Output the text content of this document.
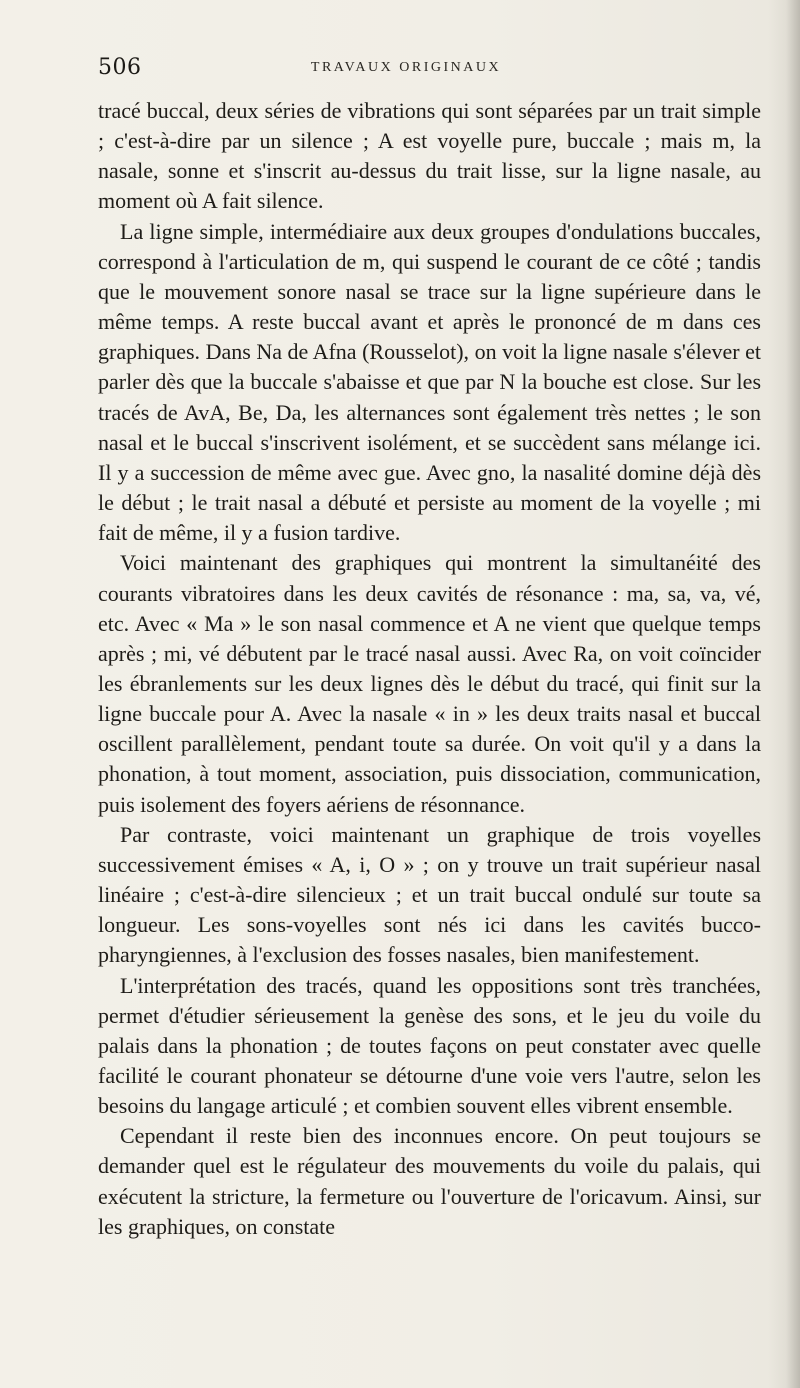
506	TRAVAUX ORIGINAUX

tracé buccal, deux séries de vibrations qui sont séparées par un trait simple ; c'est-à-dire par un silence ; A est voyelle pure, buccale ; mais m, la nasale, sonne et s'inscrit au-dessus du trait lisse, sur la ligne nasale, au moment où A fait silence.

La ligne simple, intermédiaire aux deux groupes d'ondulations buccales, correspond à l'articulation de m, qui suspend le courant de ce côté ; tandis que le mouvement sonore nasal se trace sur la ligne supérieure dans le même temps. A reste buccal avant et après le prononcé de m dans ces graphiques. Dans Na de Afna (Rousselot), on voit la ligne nasale s'élever et parler dès que la buccale s'abaisse et que par N la bouche est close. Sur les tracés de AvA, Be, Da, les alternances sont également très nettes ; le son nasal et le buccal s'inscrivent isolément, et se succèdent sans mélange ici. Il y a succession de même avec gue. Avec gno, la nasalité domine déjà dès le début ; le trait nasal a débuté et persiste au moment de la voyelle ; mi fait de même, il y a fusion tardive.

Voici maintenant des graphiques qui montrent la simultanéité des courants vibratoires dans les deux cavités de résonance : ma, sa, va, vé, etc. Avec « Ma » le son nasal commence et A ne vient que quelque temps après ; mi, vé débutent par le tracé nasal aussi. Avec Ra, on voit coïncider les ébranlements sur les deux lignes dès le début du tracé, qui finit sur la ligne buccale pour A. Avec la nasale « in » les deux traits nasal et buccal oscillent parallèlement, pendant toute sa durée. On voit qu'il y a dans la phonation, à tout moment, association, puis dissociation, communication, puis isolement des foyers aériens de résonnance.

Par contraste, voici maintenant un graphique de trois voyelles successivement émises « A, i, O » ; on y trouve un trait supérieur nasal linéaire ; c'est-à-dire silencieux ; et un trait buccal ondulé sur toute sa longueur. Les sons-voyelles sont nés ici dans les cavités bucco-pharyngiennes, à l'exclusion des fosses nasales, bien manifestement.

L'interprétation des tracés, quand les oppositions sont très tranchées, permet d'étudier sérieusement la genèse des sons, et le jeu du voile du palais dans la phonation ; de toutes façons on peut constater avec quelle facilité le courant phonateur se détourne d'une voie vers l'autre, selon les besoins du langage articulé ; et combien souvent elles vibrent ensemble.

Cependant il reste bien des inconnues encore. On peut toujours se demander quel est le régulateur des mouvements du voile du palais, qui exécutent la stricture, la fermeture ou l'ouverture de l'oricavum. Ainsi, sur les graphiques, on constate
